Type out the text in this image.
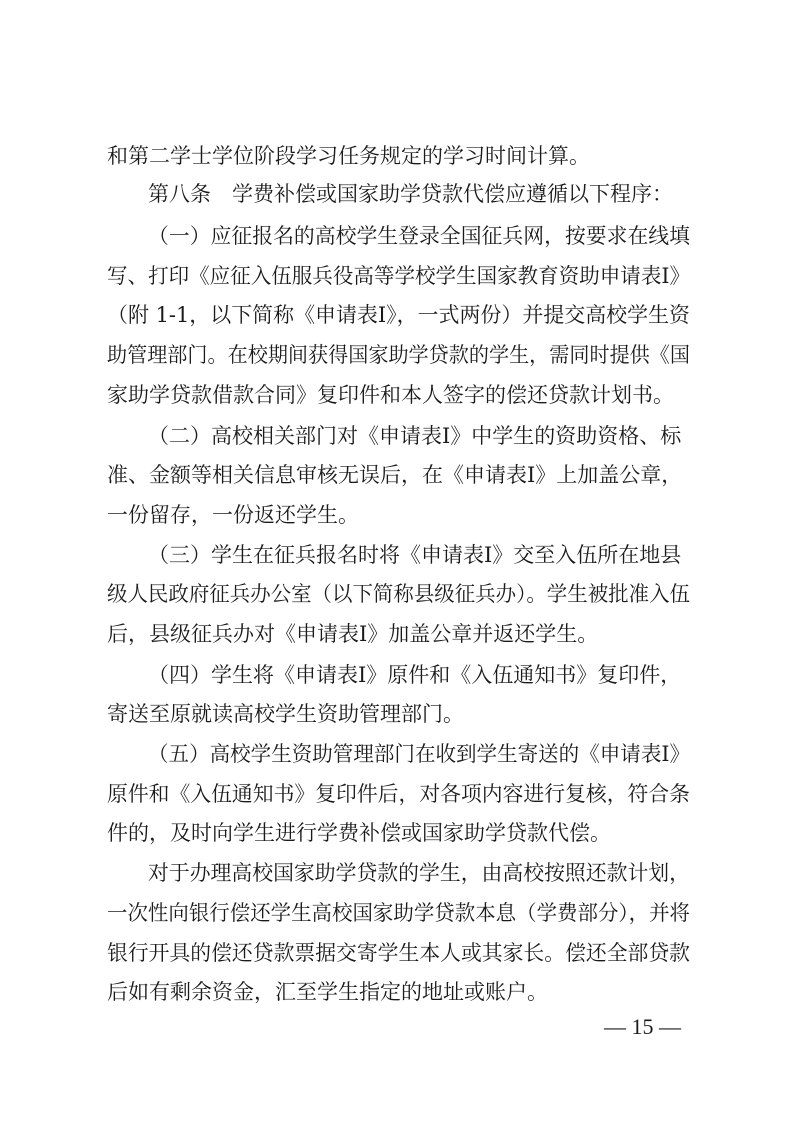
和第二学士学位阶段学习任务规定的学习时间计算。
第八条　学费补偿或国家助学贷款代偿应遵循以下程序：
（一）应征报名的高校学生登录全国征兵网，按要求在线填
写、打印《应征入伍服兵役高等学校学生国家教育资助申请表Ⅰ》
（附 1-1，以下简称《申请表Ⅰ》，一式两份）并提交高校学生资
助管理部门。在校期间获得国家助学贷款的学生，需同时提供《国
家助学贷款借款合同》复印件和本人签字的偿还贷款计划书。
（二）高校相关部门对《申请表Ⅰ》中学生的资助资格、标
准、金额等相关信息审核无误后，在《申请表Ⅰ》上加盖公章，
一份留存，一份返还学生。
（三）学生在征兵报名时将《申请表Ⅰ》交至入伍所在地县
级人民政府征兵办公室（以下简称县级征兵办）。学生被批准入伍
后，县级征兵办对《申请表Ⅰ》加盖公章并返还学生。
（四）学生将《申请表Ⅰ》原件和《入伍通知书》复印件，
寄送至原就读高校学生资助管理部门。
（五）高校学生资助管理部门在收到学生寄送的《申请表Ⅰ》
原件和《入伍通知书》复印件后，对各项内容进行复核，符合条
件的，及时向学生进行学费补偿或国家助学贷款代偿。
对于办理高校国家助学贷款的学生，由高校按照还款计划，
一次性向银行偿还学生高校国家助学贷款本息（学费部分），并将
银行开具的偿还贷款票据交寄学生本人或其家长。偿还全部贷款
后如有剩余资金，汇至学生指定的地址或账户。
— 15 —
